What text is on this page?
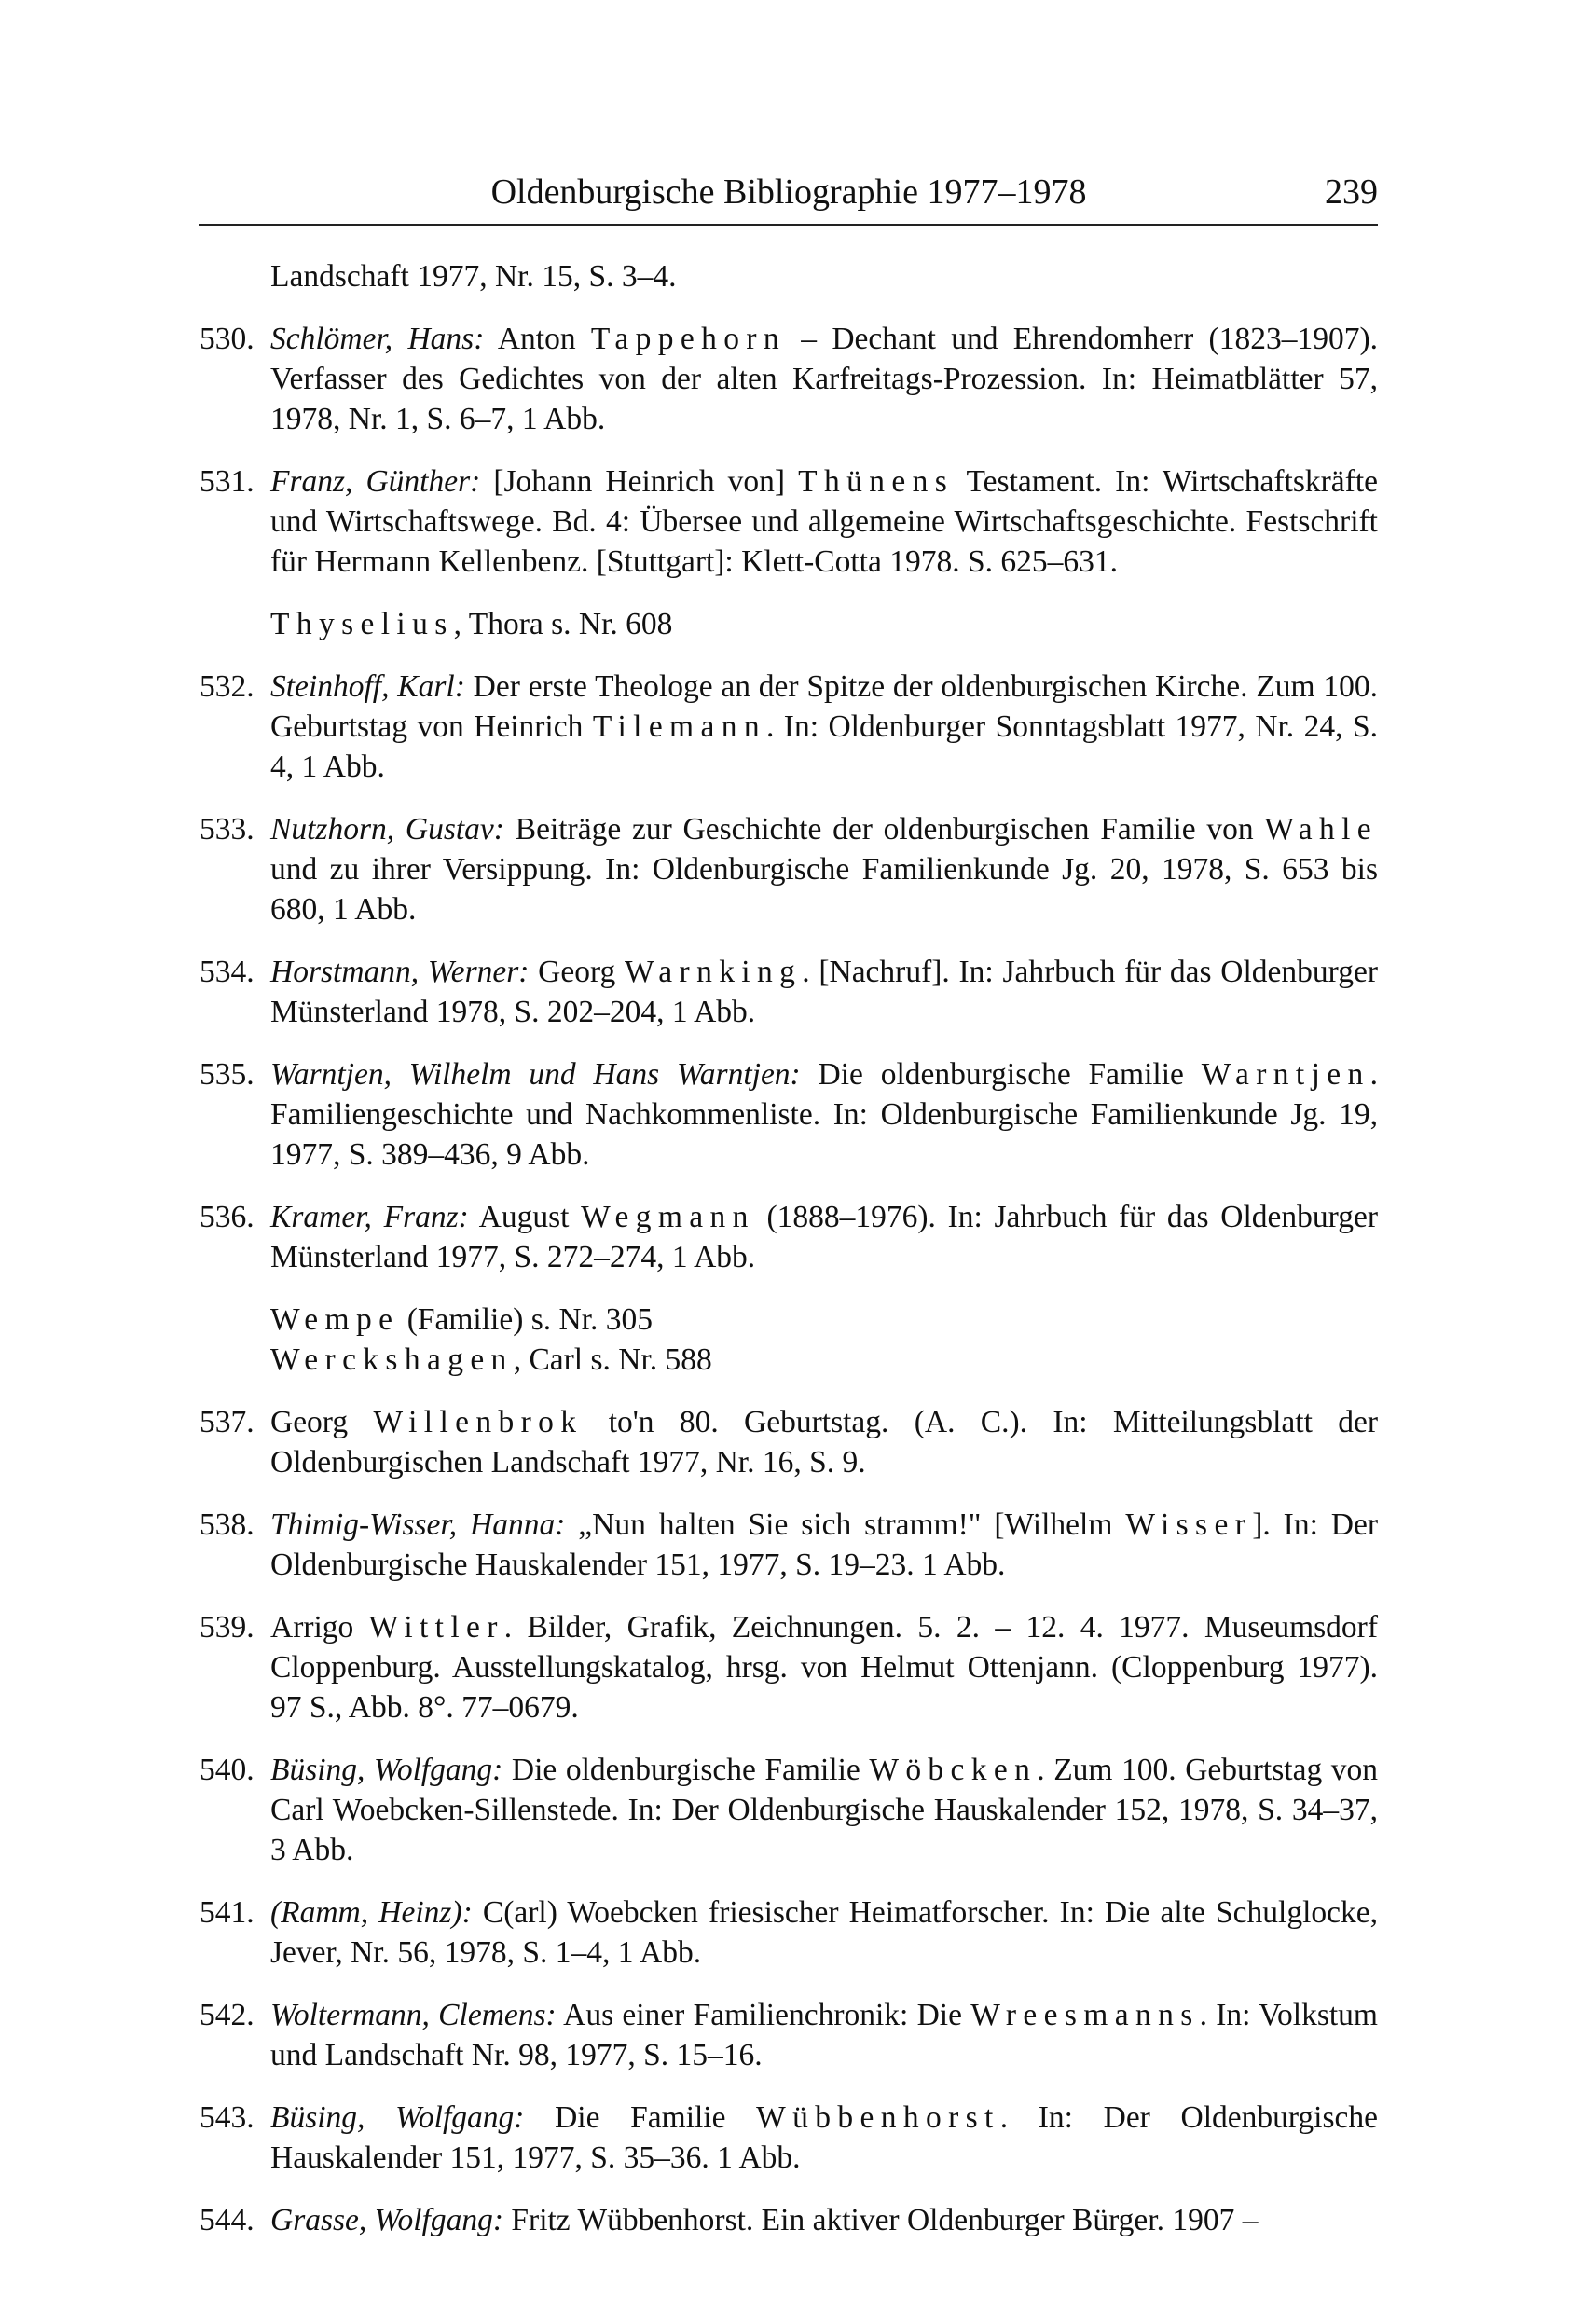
Oldenburgische Bibliographie 1977–1978	239
Landschaft 1977, Nr. 15, S. 3–4.
530. Schlömer, Hans: Anton Tappehorn – Dechant und Ehrendomherr (1823–1907). Verfasser des Gedichtes von der alten Karfreitags-Prozession. In: Heimatblätter 57, 1978, Nr. 1, S. 6–7, 1 Abb.
531. Franz, Günther: [Johann Heinrich von] Thünens Testament. In: Wirtschaftskräfte und Wirtschaftswege. Bd. 4: Übersee und allgemeine Wirtschaftsgeschichte. Festschrift für Hermann Kellenbenz. [Stuttgart]: Klett-Cotta 1978. S. 625–631.
Thyselius, Thora s. Nr. 608
532. Steinhoff, Karl: Der erste Theologe an der Spitze der oldenburgischen Kirche. Zum 100. Geburtstag von Heinrich Tilemann. In: Oldenburger Sonntagsblatt 1977, Nr. 24, S. 4, 1 Abb.
533. Nutzhorn, Gustav: Beiträge zur Geschichte der oldenburgischen Familie von Wahle und zu ihrer Versippung. In: Oldenburgische Familienkunde Jg. 20, 1978, S. 653 bis 680, 1 Abb.
534. Horstmann, Werner: Georg Warnking. [Nachruf]. In: Jahrbuch für das Oldenburger Münsterland 1978, S. 202–204, 1 Abb.
535. Warntjen, Wilhelm und Hans Warntjen: Die oldenburgische Familie Warntjen. Familiengeschichte und Nachkommenliste. In: Oldenburgische Familienkunde Jg. 19, 1977, S. 389–436, 9 Abb.
536. Kramer, Franz: August Wegmann (1888–1976). In: Jahrbuch für das Oldenburger Münsterland 1977, S. 272–274, 1 Abb.
Wempe (Familie) s. Nr. 305
Werckshagen, Carl s. Nr. 588
537. Georg Willenbrok to'n 80. Geburtstag. (A. C.). In: Mitteilungsblatt der Oldenburgischen Landschaft 1977, Nr. 16, S. 9.
538. Thimig-Wisser, Hanna: „Nun halten Sie sich stramm!" [Wilhelm Wisser]. In: Der Oldenburgische Hauskalender 151, 1977, S. 19–23. 1 Abb.
539. Arrigo Wittler. Bilder, Grafik, Zeichnungen. 5. 2. – 12. 4. 1977. Museumsdorf Cloppenburg. Ausstellungskatalog, hrsg. von Helmut Ottenjann. (Cloppenburg 1977). 97 S., Abb. 8°. 77–0679.
540. Büsing, Wolfgang: Die oldenburgische Familie Wöbcken. Zum 100. Geburtstag von Carl Woebcken-Sillenstede. In: Der Oldenburgische Hauskalender 152, 1978, S. 34–37, 3 Abb.
541. (Ramm, Heinz): C(arl) Woebcken friesischer Heimatforscher. In: Die alte Schulglocke, Jever, Nr. 56, 1978, S. 1–4, 1 Abb.
542. Woltermann, Clemens: Aus einer Familienchronik: Die Wreesmanns. In: Volkstum und Landschaft Nr. 98, 1977, S. 15–16.
543. Büsing, Wolfgang: Die Familie Wübbenhorst. In: Der Oldenburgische Hauskalender 151, 1977, S. 35–36. 1 Abb.
544. Grasse, Wolfgang: Fritz Wübbenhorst. Ein aktiver Oldenburger Bürger. 1907 –
